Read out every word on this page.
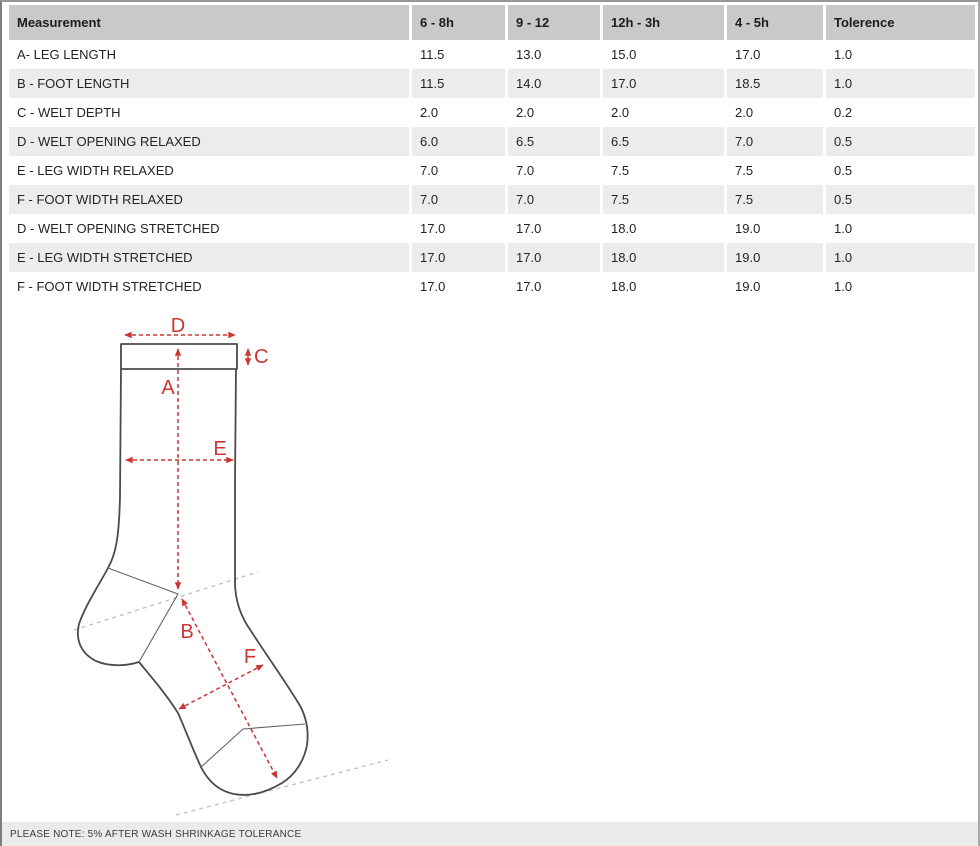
Measurement	6 - 8h	9 - 12	12h - 3h	4 - 5h	Tolerence
A- LEG LENGTH	11.5	13.0	15.0	17.0	1.0
B - FOOT LENGTH	11.5	14.0	17.0	18.5	1.0
C - WELT DEPTH	2.0	2.0	2.0	2.0	0.2
D - WELT OPENING RELAXED	6.0	6.5	6.5	7.0	0.5
E - LEG WIDTH RELAXED	7.0	7.0	7.5	7.5	0.5
F - FOOT WIDTH RELAXED	7.0	7.0	7.5	7.5	0.5
D - WELT OPENING STRETCHED	17.0	17.0	18.0	19.0	1.0
E - LEG WIDTH STRETCHED	17.0	17.0	18.0	19.0	1.0
F - FOOT WIDTH STRETCHED	17.0	17.0	18.0	19.0	1.0
D
C
A
E
B
F
PLEASE NOTE: 5% AFTER WASH SHRINKAGE TOLERANCE
